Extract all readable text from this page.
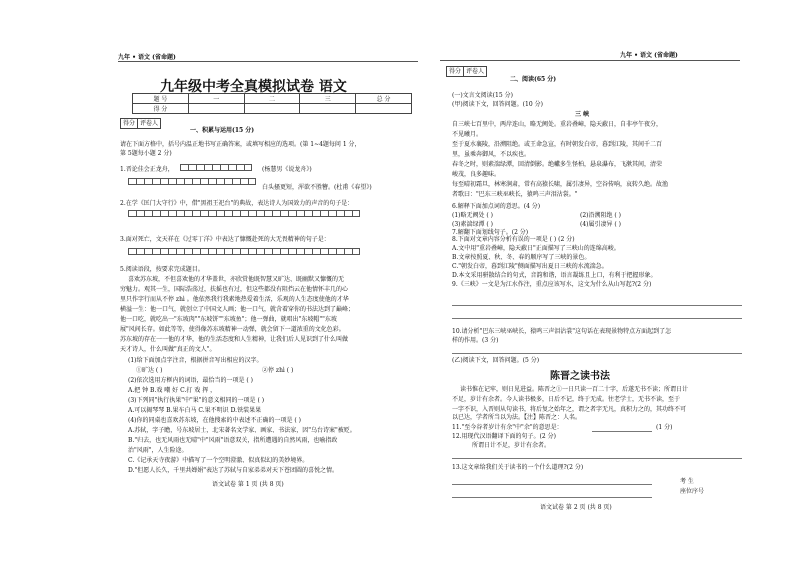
九年 • 语文 (省命题)	九年 • 语文 (省命题)
九年级中考全真模拟试卷 语文
题 号	一	二	三	总 分
得 分				
得分 评卷人
一、积累与运用(15 分)
请在下面方格中，括号内温正地书写正确答案，或填写相应的选项。(第 1~4题每问 1 分，
第 5题每小题 2 分)
1.晋论佳会正龙舟，	(杨慧男《说龙舟》)
白头搔更短，浑欲不胜簪。(杜甫《春望》)
2.在学《匡门大守行》中，借"黑祖王祀台"的典故，表达诗人为国效力的声音的句子是：
3.面对死亡，文天祥在《过零丁洋》中表达了慷慨赴死的大无畏精神的句子是：
5.阅读语段，按要求完成题目。
喜欢苏东坡，不但喜欢他的才华盖世，亦欣赏他既智慧又旷达、既幽默又慷慨的无
穷魅力。观其一生，国际浩荡过，扶摇也有过，但这些都没有阻挡云在他情怀丰几的心
里只作字行而从不停 zhì 。他依然我行我素地热爱着生活，乐观的人生态度使他的才华
横溢一生：他一口气，就创立了中国文人画；他一口气，就含着穿你的书法达到了巅峰；
他一口吃，就吃出一"东坡肉""东坡饼""东坡鱼"；他一弹曲，就唱出"东坡帽""东坡
屐"风间长存。如此等等，使得像苏东坡精神一动弹，就会留下一道浓重的文化色彩。
苏东坡的存在一一他的才华，他的生活态度和人生精神，让我们后人见识到了什么叫做
天才诗人，什么叫做"真正的文人"。
(1)给下面加点字注音，根据拼音写出相应的汉字。
①旷达 ( )	②停 zhì ( )
(2)依次选用方框内的词语，最恰当的一项是 ( )
A.把 钟 B.戏 嘲 好 C.打 戏 挥 ，
(3)下列同"执行执果"中"果"的意义相同的一项是 ( )
A.可以揭琴琴 B.果车白马 C.果不明识 D.铁装果果
(4)你的同桌也喜欢苏东坡，在他搜索的中表述不正确的一项是 ( )
A.苏轼，字子瞻，号东坡居士，北宋著名文学家、画家、书法家，因"乌台诗案"被贬。
B."归去，也无风雨也无晴"中"风雨"语意双关，指所遭遇的自然风雨，也喻指政
治"风雨"，人生险途。
C.《记承天寺夜游》中描写了一个空明澄澈、似真似幻的美妙境界。
D."但愿人长久，千里共婵娟"表达了苏轼与自家弟弟对天下苍团圆的喜悦之情。
语文试卷 第 1 页 (共 8 页)
得分 评卷人
二、阅读(65 分)
(一)文言文阅读(15 分)
(甲)阅读下文，回答问题。(10 分)
三 峡
自三峡七百里中，两岸连山，略无阙处。重岩叠嶂，隐天蔽日，自非亭午夜分，
不见曦月。
至于夏水襄陵，沿溯阻绝。或王命急宣，有时朝发白帝，暮到江陵，其间千二百
里，虽乘奔御风，不以疾也。
春冬之时，则素湍绿潭，回清倒影。绝巘多生怪柏，悬泉瀑布，飞漱其间，清荣
峻茂，良多趣味。
每至晴初霜旦，林寒涧肃，常有高猿长啸，属引凄异，空谷传响，哀转久绝。故渔
者歌曰："巴东三峡巫峡长，猿鸣三声泪沾裳。"
6.解释下面加点词的意思。(4 分)
(1)略无阙处 ( )	(2)沿溯阻绝 ( )
(3)素湍绿潭 ( )	(4)属引凄异 ( )
7.解翻下面划线句子。(2 分)
8.下面对文章内容分析有误的一项是 ( ) (2 分)
A.文中用"重岩叠嶂，隐天蔽日"正面描写了三峡山的连绵高峻。
B.文章按照夏、秋、冬、春的顺序写了三峡的景色。
C."朝发白帝，暮到江陵"侧面描写出夏日三峡的水流湍急。
D.本文采用骈散结合的句式，音韵和谐，语言凝练且上口，有利于把握形象。
9.《三峡》一文是为江水作注，重点应该写水，这文为什么从山写起?(2 分)
10.请分析"巴东三峡巫峡长，猿鸣三声泪沾裳"这句话在表现景物特点方面起到了怎
样的作用。(3 分)
(乙)阅读下文，回答问题。(5 分)
陈晋之读书法
读书惟在记牢，则日见进益。陈晋之①一日只读一百二十字，后遂无书不读；所谓日计
不足，岁计有余者。今人读书极多，日后不记，终于无成。往老学士，无书不读，至于
一字不识，入晋则从句读书，将后复之始年之，谓之者字无凡，真积力之的，其功终不可
以已达，学者所当以为法。【注】陈晋之：人名。
11."至今谷者岁计有余"中"余"的意思是：	(1 分)
12.用现代汉语翻译下面的句子。(2 分)
所谓日计不足，岁计有余者。
13.这文章给我们关于读书的一个什么道理?(2 分)
考 生
座位序号
语文试卷 第 2 页 (共 8 页)
